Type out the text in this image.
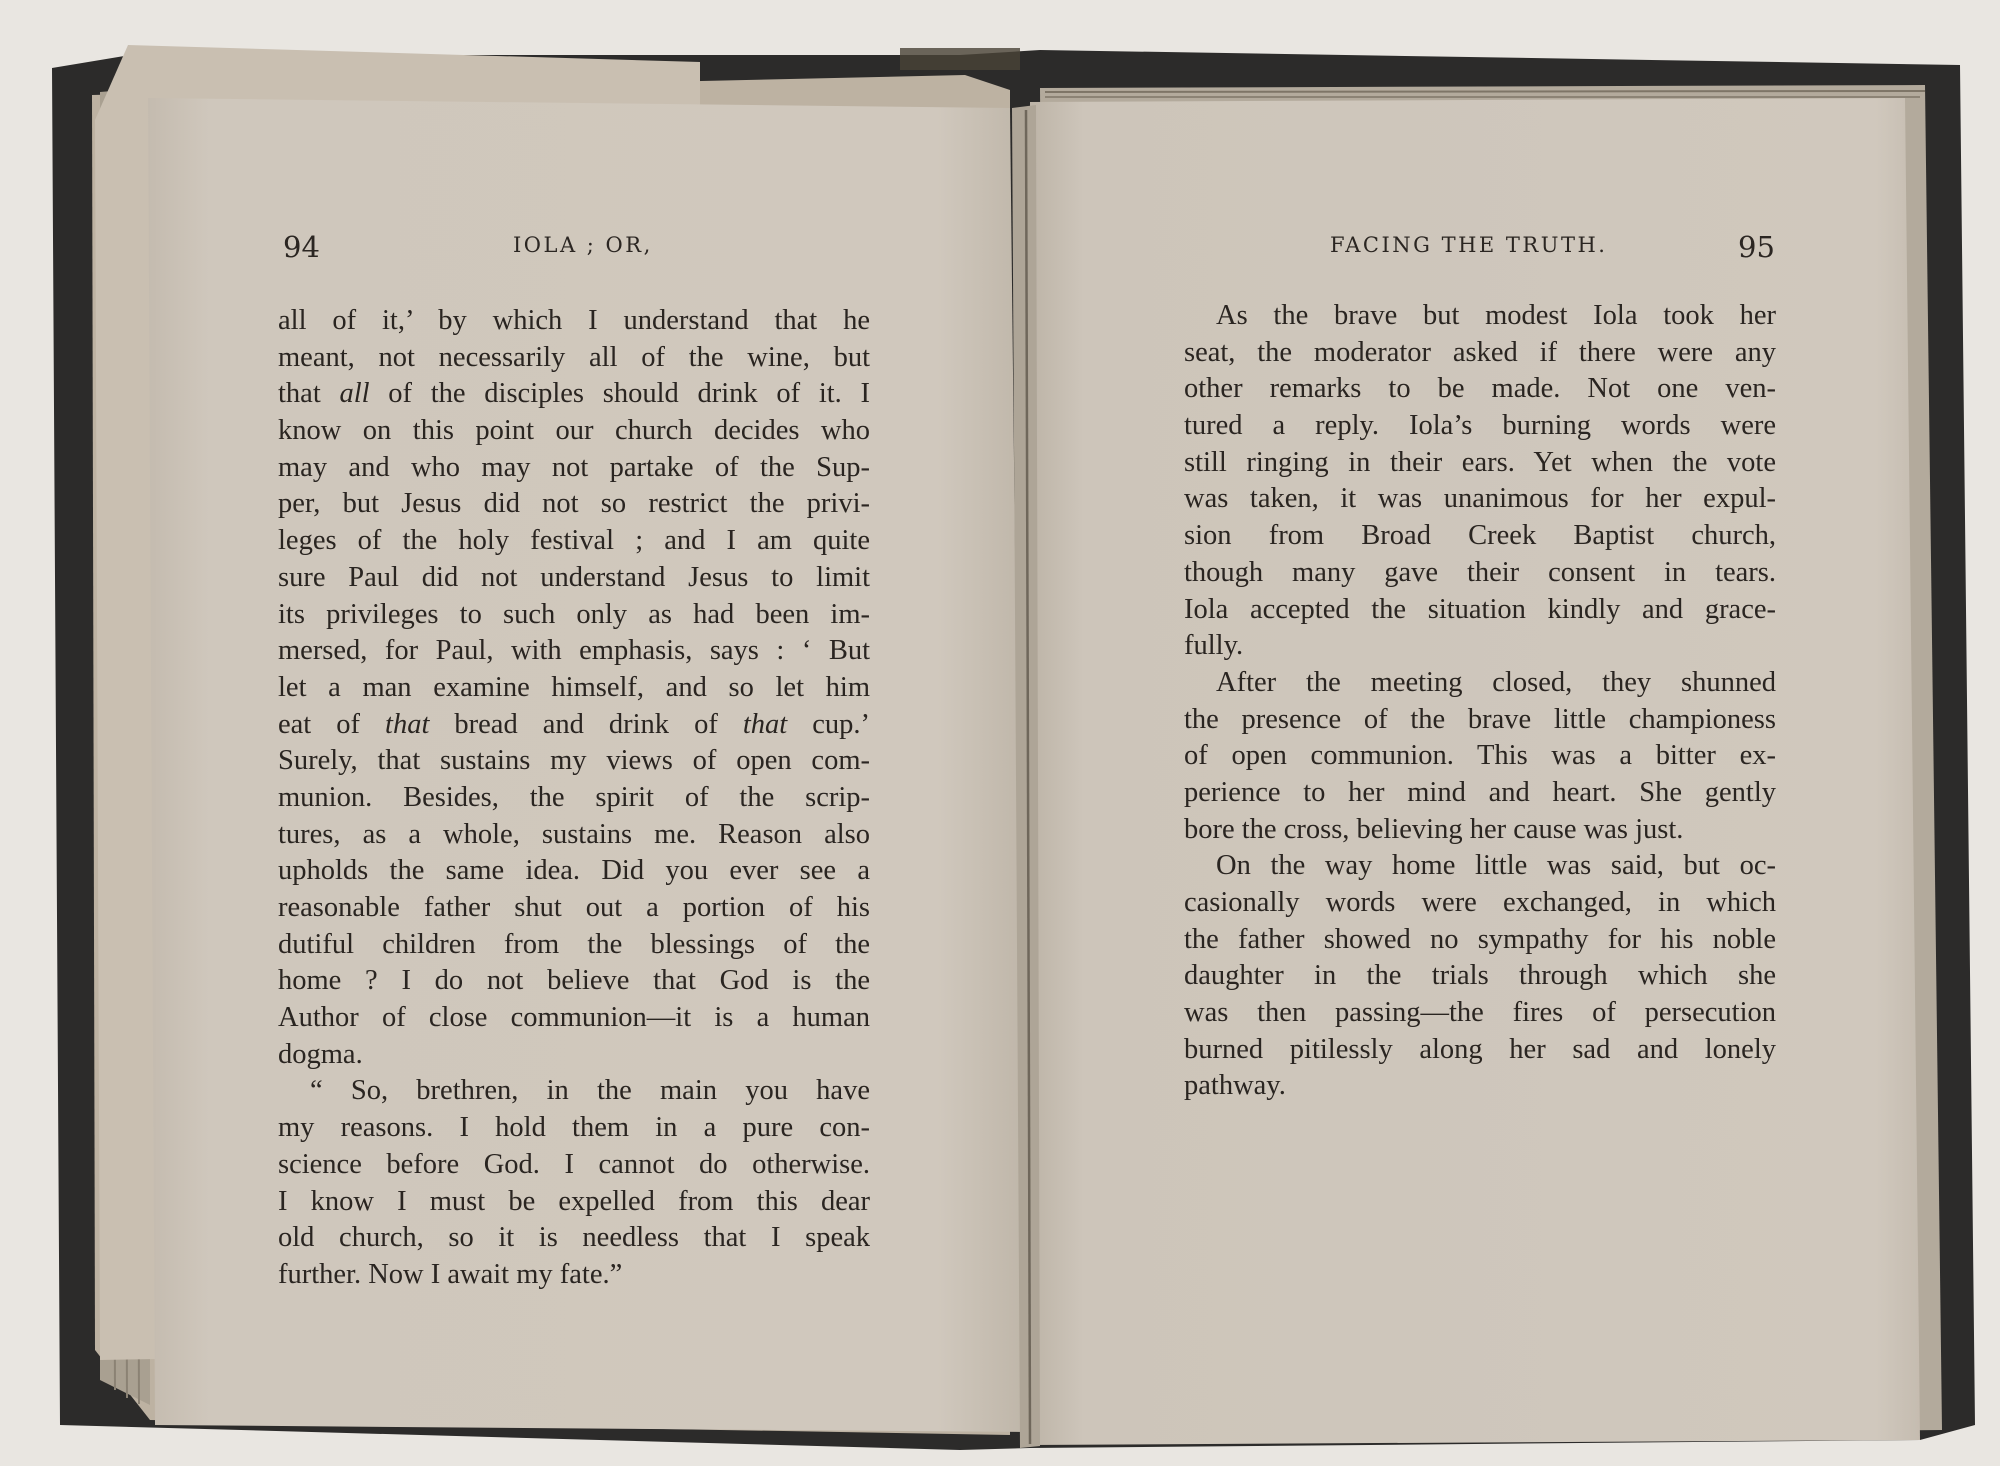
94	IOLA ; OR,	FACING THE TRUTH.	95
all of it,’ by which I understand that he
meant, not necessarily all of the wine, but
that all of the disciples should drink of it. I
know on this point our church decides who
may and who may not partake of the Sup-
per, but Jesus did not so restrict the privi-
leges of the holy festival ; and I am quite
sure Paul did not understand Jesus to limit
its privileges to such only as had been im-
mersed, for Paul, with emphasis, says : ‘ But
let a man examine himself, and so let him
eat of that bread and drink of that cup.’
Surely, that sustains my views of open com-
munion. Besides, the spirit of the scrip-
tures, as a whole, sustains me. Reason also
upholds the same idea. Did you ever see a
reasonable father shut out a portion of his
dutiful children from the blessings of the
home ? I do not believe that God is the
Author of close communion—it is a human
dogma.
“ So, brethren, in the main you have
my reasons. I hold them in a pure con-
science before God. I cannot do otherwise.
I know I must be expelled from this dear
old church, so it is needless that I speak
further. Now I await my fate.”
As the brave but modest Iola took her
seat, the moderator asked if there were any
other remarks to be made. Not one ven-
tured a reply. Iola’s burning words were
still ringing in their ears. Yet when the vote
was taken, it was unanimous for her expul-
sion from Broad Creek Baptist church,
though many gave their consent in tears.
Iola accepted the situation kindly and grace-
fully.
After the meeting closed, they shunned
the presence of the brave little championess
of open communion. This was a bitter ex-
perience to her mind and heart. She gently
bore the cross, believing her cause was just.
On the way home little was said, but oc-
casionally words were exchanged, in which
the father showed no sympathy for his noble
daughter in the trials through which she
was then passing—the fires of persecution
burned pitilessly along her sad and lonely
pathway.
